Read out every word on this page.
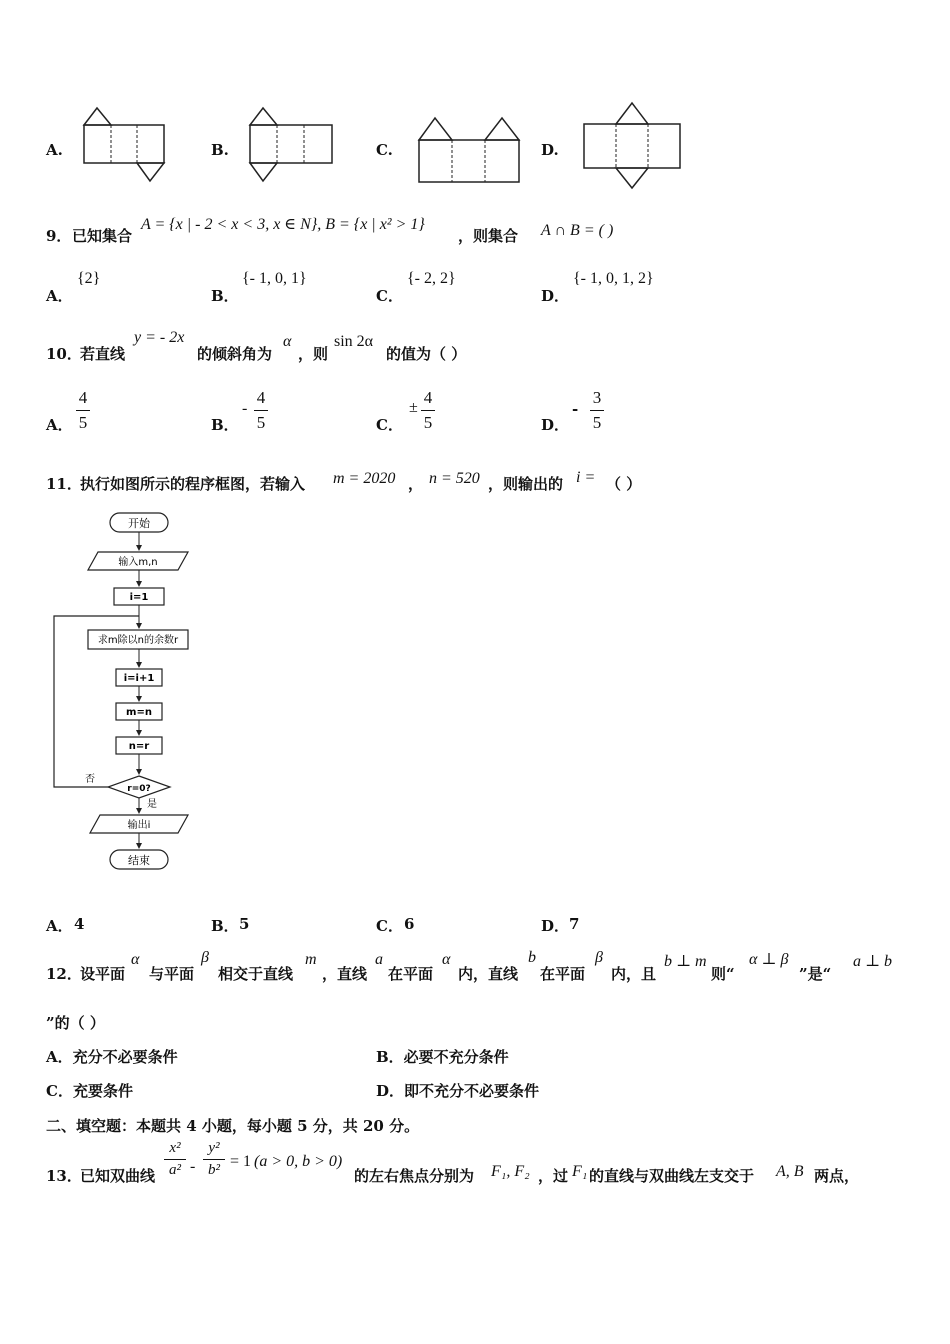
A.	B.	C.	D.
9． 已知集合
A = {x | - 2 < x < 3, x ∈ N}, B = {x | x² > 1}
，则集合 A ∩ B = ( )
A．
{2}
B．
{- 1, 0, 1}
C．
{- 2, 2}
D．
{- 1, 0, 1, 2}
10．
若直线
y = - 2x
的倾斜角为
α
，则
sin 2α
的值为（ ）
A．
4
5	B．
-
4
5	C．
±
4
5	D．
-
3
5
11．
执行如图所示的程序框图，若输入 m = 2020 ， n = 520 ，则输出的 i = （ ）
开始
输入m,n
i=1
求m除以n的余数r
i=i+1
m=n
n=r
r=0?
否
是
输出i
结束
A． 4	B． 5	C． 6	D． 7
12．
设平面
α
与平面
β
相交于直线
m
，直线
a
在平面
α
内，直线
b
在平面
β
内，且
b ⊥ m
则“
α ⊥ β
”是“
a ⊥ b
”的（ ）
A．充分不必要条件	B．必要不充分条件
C．充要条件	D．即不充分不必要条件
二、填空题：本题共 4 小题，每小题 5 分，共 20 分。
13．
已知双曲线
x²
a² -
y²
b² = 1 (a > 0, b > 0)
的左右焦点分别为 F₁, F₂ ，过 F₁ 的直线与双曲线左支交于 A, B 两点，
